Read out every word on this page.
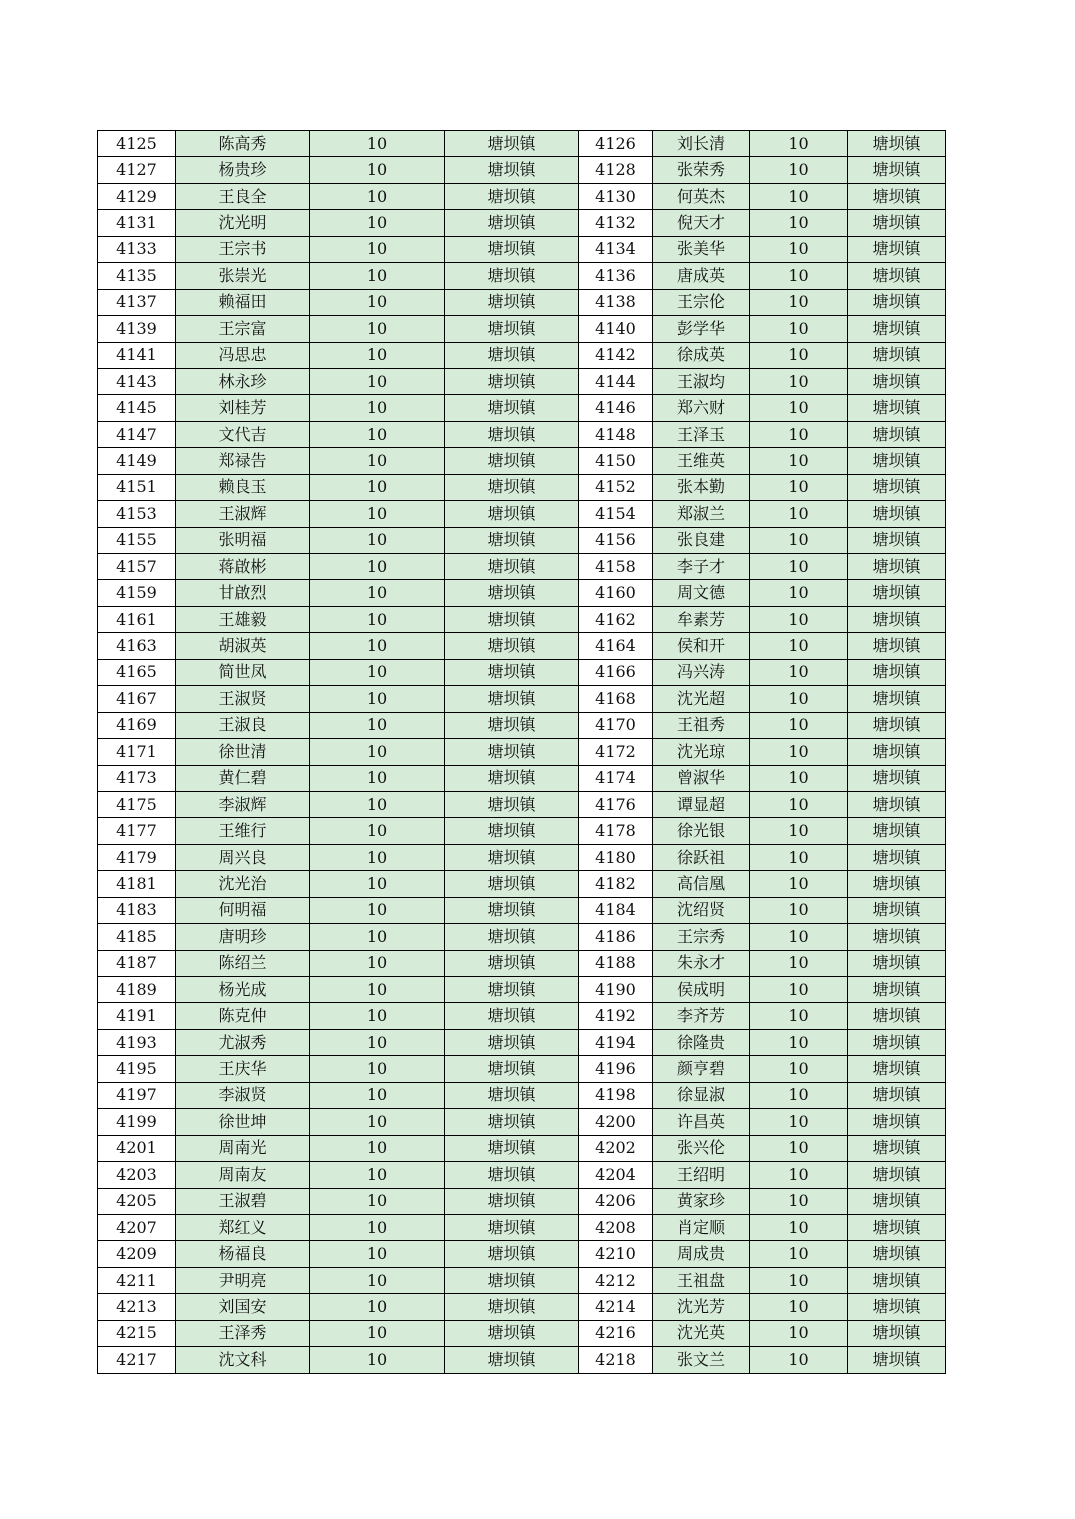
4125	陈高秀	10	塘坝镇	4126	刘长清	10	塘坝镇
4127	杨贵珍	10	塘坝镇	4128	张荣秀	10	塘坝镇
4129	王良全	10	塘坝镇	4130	何英杰	10	塘坝镇
4131	沈光明	10	塘坝镇	4132	倪天才	10	塘坝镇
4133	王宗书	10	塘坝镇	4134	张美华	10	塘坝镇
4135	张崇光	10	塘坝镇	4136	唐成英	10	塘坝镇
4137	赖福田	10	塘坝镇	4138	王宗伦	10	塘坝镇
4139	王宗富	10	塘坝镇	4140	彭学华	10	塘坝镇
4141	冯思忠	10	塘坝镇	4142	徐成英	10	塘坝镇
4143	林永珍	10	塘坝镇	4144	王淑均	10	塘坝镇
4145	刘桂芳	10	塘坝镇	4146	郑六财	10	塘坝镇
4147	文代吉	10	塘坝镇	4148	王泽玉	10	塘坝镇
4149	郑禄告	10	塘坝镇	4150	王维英	10	塘坝镇
4151	赖良玉	10	塘坝镇	4152	张本勤	10	塘坝镇
4153	王淑辉	10	塘坝镇	4154	郑淑兰	10	塘坝镇
4155	张明福	10	塘坝镇	4156	张良建	10	塘坝镇
4157	蒋啟彬	10	塘坝镇	4158	李子才	10	塘坝镇
4159	甘啟烈	10	塘坝镇	4160	周文德	10	塘坝镇
4161	王雄毅	10	塘坝镇	4162	牟素芳	10	塘坝镇
4163	胡淑英	10	塘坝镇	4164	侯和开	10	塘坝镇
4165	简世凤	10	塘坝镇	4166	冯兴涛	10	塘坝镇
4167	王淑贤	10	塘坝镇	4168	沈光超	10	塘坝镇
4169	王淑良	10	塘坝镇	4170	王祖秀	10	塘坝镇
4171	徐世清	10	塘坝镇	4172	沈光琼	10	塘坝镇
4173	黄仁碧	10	塘坝镇	4174	曾淑华	10	塘坝镇
4175	李淑辉	10	塘坝镇	4176	谭显超	10	塘坝镇
4177	王维行	10	塘坝镇	4178	徐光银	10	塘坝镇
4179	周兴良	10	塘坝镇	4180	徐跃祖	10	塘坝镇
4181	沈光治	10	塘坝镇	4182	高信凰	10	塘坝镇
4183	何明福	10	塘坝镇	4184	沈绍贤	10	塘坝镇
4185	唐明珍	10	塘坝镇	4186	王宗秀	10	塘坝镇
4187	陈绍兰	10	塘坝镇	4188	朱永才	10	塘坝镇
4189	杨光成	10	塘坝镇	4190	侯成明	10	塘坝镇
4191	陈克仲	10	塘坝镇	4192	李齐芳	10	塘坝镇
4193	尤淑秀	10	塘坝镇	4194	徐隆贵	10	塘坝镇
4195	王庆华	10	塘坝镇	4196	颜亨碧	10	塘坝镇
4197	李淑贤	10	塘坝镇	4198	徐显淑	10	塘坝镇
4199	徐世坤	10	塘坝镇	4200	许昌英	10	塘坝镇
4201	周南光	10	塘坝镇	4202	张兴伦	10	塘坝镇
4203	周南友	10	塘坝镇	4204	王绍明	10	塘坝镇
4205	王淑碧	10	塘坝镇	4206	黄家珍	10	塘坝镇
4207	郑红义	10	塘坝镇	4208	肖定顺	10	塘坝镇
4209	杨福良	10	塘坝镇	4210	周成贵	10	塘坝镇
4211	尹明亮	10	塘坝镇	4212	王祖盘	10	塘坝镇
4213	刘国安	10	塘坝镇	4214	沈光芳	10	塘坝镇
4215	王泽秀	10	塘坝镇	4216	沈光英	10	塘坝镇
4217	沈文科	10	塘坝镇	4218	张文兰	10	塘坝镇
